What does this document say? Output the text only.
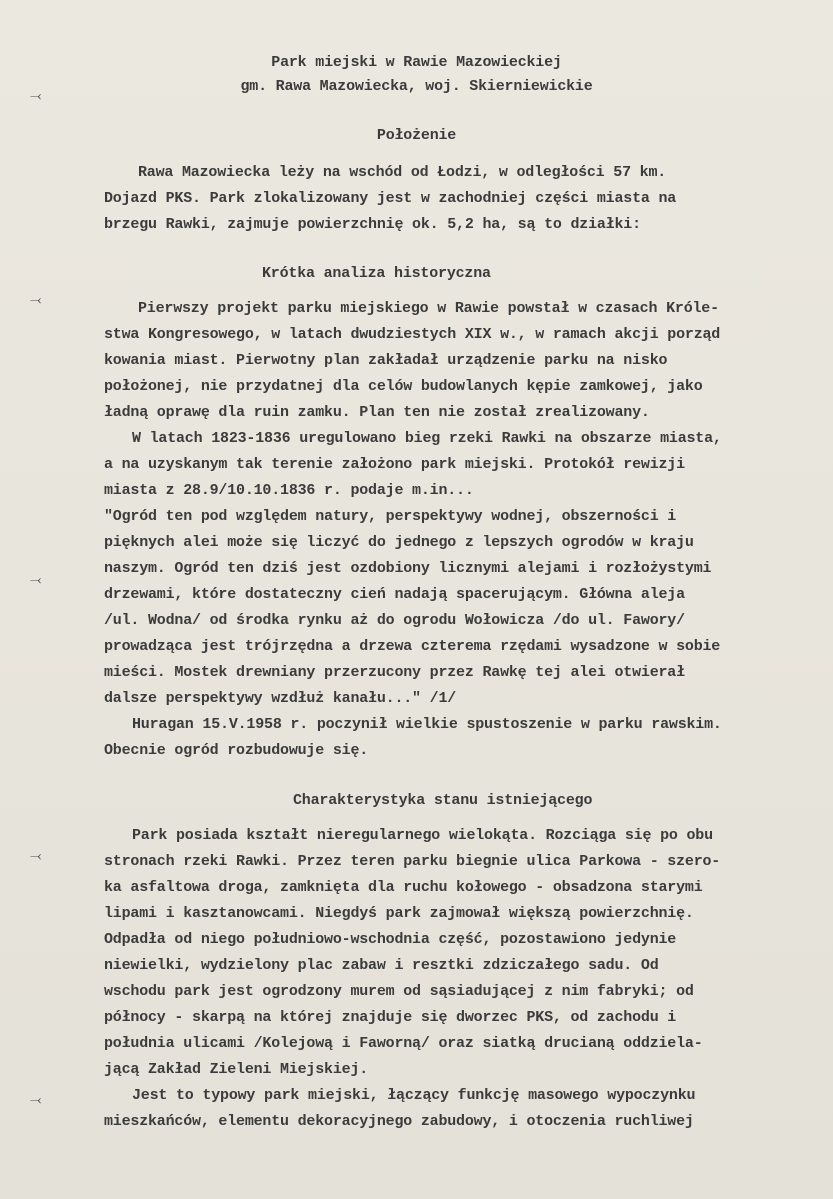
Park miejski w Rawie Mazowieckiej
gm. Rawa Mazowiecka, woj. Skierniewickie
Położenie
Rawa Mazowiecka leży na wschód od Łodzi, w odległości 57 km.
Dojazd PKS. Park zlokalizowany jest w zachodniej części miasta na
brzegu Rawki, zajmuje powierzchnię ok. 5,2 ha, są to działki:
Krótka analiza historyczna
Pierwszy projekt parku miejskiego w Rawie powstał w czasach Króle-
stwa Kongresowego, w latach dwudziestych XIX w., w ramach akcji porząd
kowania miast. Pierwotny plan zakładał urządzenie parku na nisko
położonej, nie przydatnej dla celów budowlanych kępie zamkowej, jako
ładną oprawę dla ruin zamku. Plan ten nie został zrealizowany.
W latach 1823-1836 uregulowano bieg rzeki Rawki na obszarze miasta,
a na uzyskanym tak terenie założono park miejski. Protokół rewizji
miasta z 28.9/10.10.1836 r. podaje m.in...
"Ogród ten pod względem natury, perspektywy wodnej, obszerności i
pięknych alei może się liczyć do jednego z lepszych ogrodów w kraju
naszym. Ogród ten dziś jest ozdobiony licznymi alejami i rozłożystymi
drzewami, które dostateczny cień nadają spacerującym. Główna aleja
/ul. Wodna/ od środka rynku aż do ogrodu Wołowicza /do ul. Fawory/
prowadząca jest trójrzędna a drzewa czterema rzędami wysadzone w sobie
mieści. Mostek drewniany przerzucony przez Rawkę tej alei otwierał
dalsze perspektywy wzdłuż kanału..." /1/
Huragan 15.V.1958 r. poczynił wielkie spustoszenie w parku rawskim.
Obecnie ogród rozbudowuje się.
Charakterystyka stanu istniejącego
Park posiada kształt nieregularnego wielokąta. Rozciąga się po obu
stronach rzeki Rawki. Przez teren parku biegnie ulica Parkowa - szero-
ka asfaltowa droga, zamknięta dla ruchu kołowego - obsadzona starymi
lipami i kasztanowcami. Niegdyś park zajmował większą powierzchnię.
Odpadła od niego południowo-wschodnia część, pozostawiono jedynie
niewielki, wydzielony plac zabaw i resztki zdziczałego sadu. Od
wschodu park jest ogrodzony murem od sąsiadującej z nim fabryki; od
północy - skarpą na której znajduje się dworzec PKS, od zachodu i
południa ulicami /Kolejową i Faworną/ oraz siatką drucianą oddziela-
jącą Zakład Zieleni Miejskiej.
Jest to typowy park miejski, łączący funkcję masowego wypoczynku
mieszkańców, elementu dekoracyjnego zabudowy, i otoczenia ruchliwej
⤙
⤙
⤙
⤙
⤙
